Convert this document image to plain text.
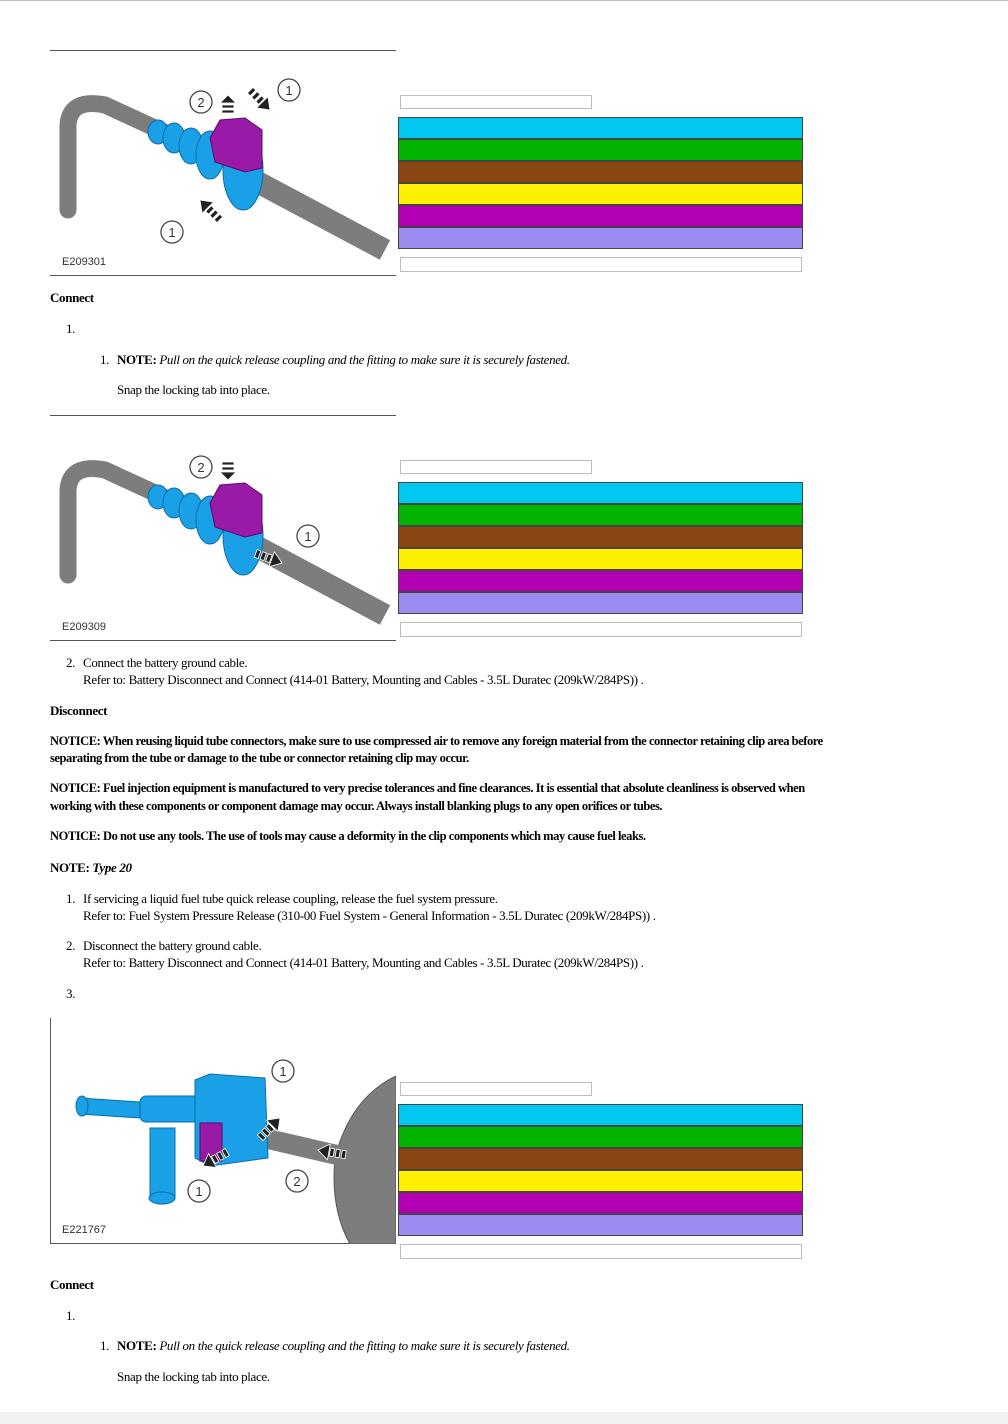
2
1
1
E209301
Connect
1.
1. NOTE: Pull on the quick release coupling and the fitting to make sure it is securely fastened.
Snap the locking tab into place.
2
1
E209309
2. Connect the battery ground cable.
Refer to: Battery Disconnect and Connect (414-01 Battery, Mounting and Cables - 3.5L Duratec (209kW/284PS)) .
Disconnect
NOTICE: When reusing liquid tube connectors, make sure to use compressed air to remove any foreign material from the connector retaining clip area before
separating from the tube or damage to the tube or connector retaining clip may occur.
NOTICE: Fuel injection equipment is manufactured to very precise tolerances and fine clearances. It is essential that absolute cleanliness is observed when
working with these components or component damage may occur. Always install blanking plugs to any open orifices or tubes.
NOTICE: Do not use any tools. The use of tools may cause a deformity in the clip components which may cause fuel leaks.
NOTE: Type 20
1. If servicing a liquid fuel tube quick release coupling, release the fuel system pressure.
Refer to: Fuel System Pressure Release (310-00 Fuel System - General Information - 3.5L Duratec (209kW/284PS)) .
2. Disconnect the battery ground cable.
Refer to: Battery Disconnect and Connect (414-01 Battery, Mounting and Cables - 3.5L Duratec (209kW/284PS)) .
3.
1
1
2
E221767
Connect
1.
1. NOTE: Pull on the quick release coupling and the fitting to make sure it is securely fastened.
Snap the locking tab into place.
